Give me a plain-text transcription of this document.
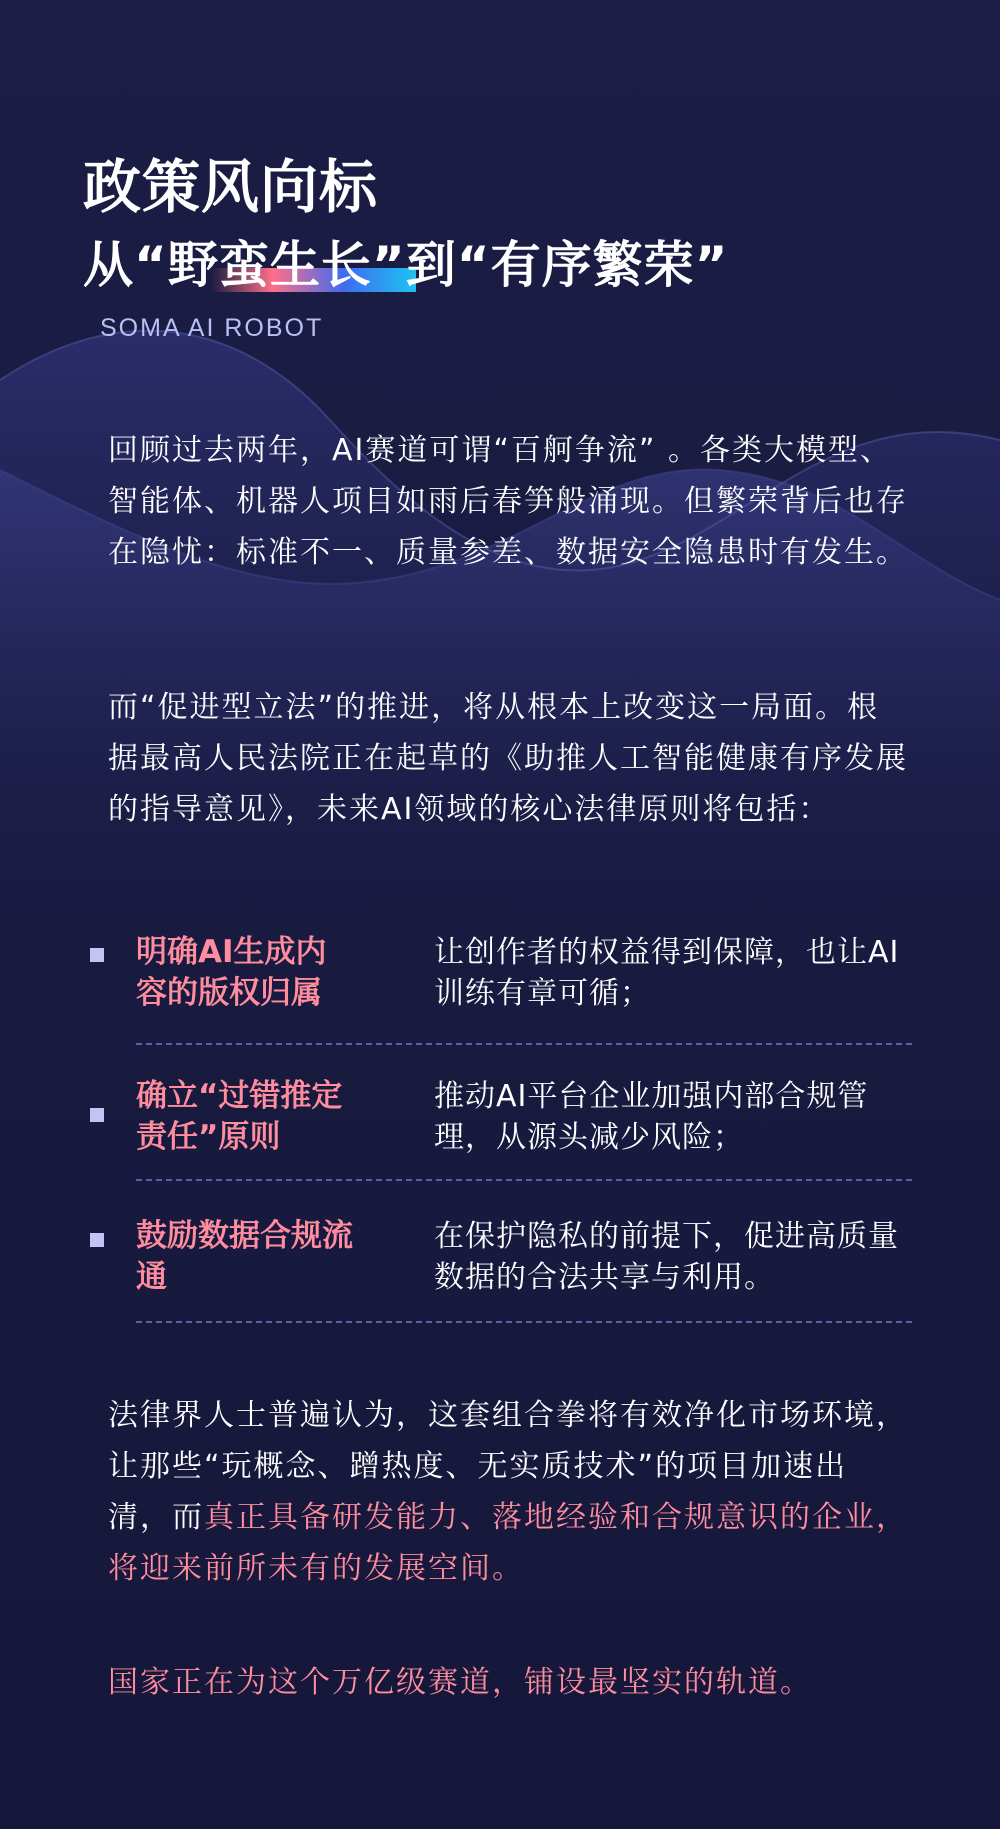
政策风向标
从“野蛮生长”到“有序繁荣”

SOMA AI ROBOT

回顾过去两年，AI赛道可谓“百舸争流” 。各类大模型、智能体、机器人项目如雨后春笋般涌现。但繁荣背后也存在隐忧：标准不一、质量参差、数据安全隐患时有发生。

而“促进型立法”的推进，将从根本上改变这一局面。根据最高人民法院正在起草的《助推人工智能健康有序发展的指导意见》，未来AI领域的核心法律原则将包括：

明确AI生成内容的版权归属

让创作者的权益得到保障，也让AI训练有章可循；

确立“过错推定责任”原则

推动AI平台企业加强内部合规管理，从源头减少风险；

鼓励数据合规流通

在保护隐私的前提下，促进高质量数据的合法共享与利用。

法律界人士普遍认为，这套组合拳将有效净化市场环境，让那些“玩概念、蹭热度、无实质技术”的项目加速出清，而真正具备研发能力、落地经验和合规意识的企业，将迎来前所未有的发展空间。

国家正在为这个万亿级赛道，铺设最坚实的轨道。
